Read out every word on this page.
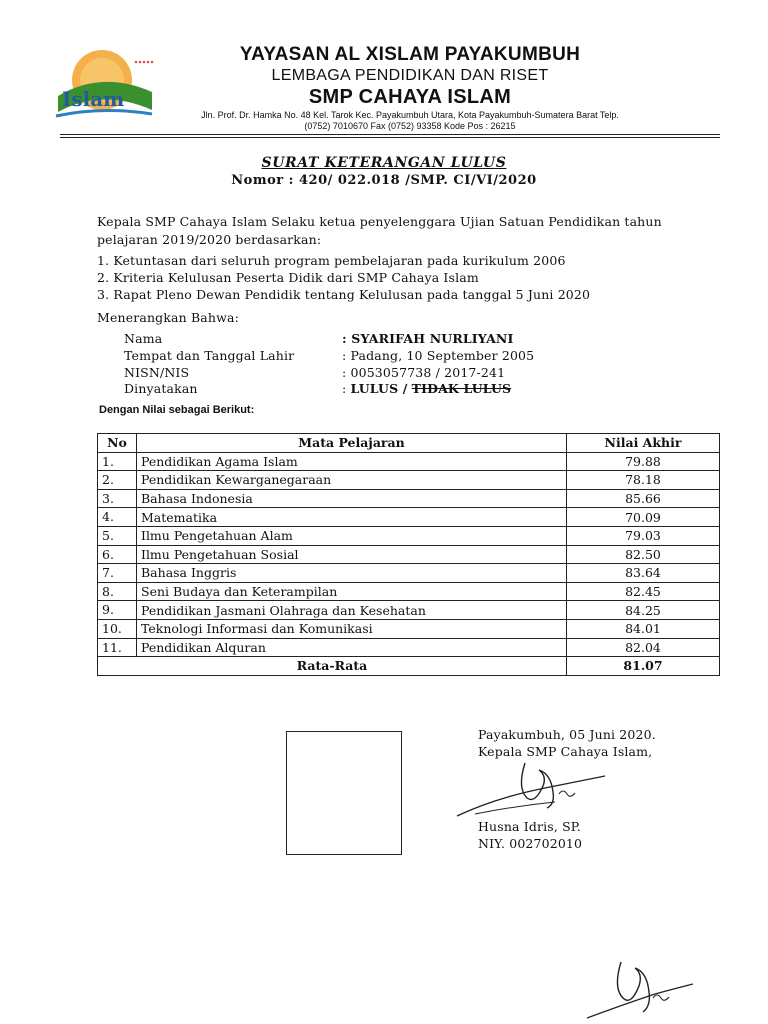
Islam
YAYASAN AL XISLAM PAYAKUMBUH
LEMBAGA PENDIDIKAN DAN RISET
SMP CAHAYA ISLAM
Jln. Prof. Dr. Hamka No. 48 Kel. Tarok Kec. Payakumbuh Utara, Kota Payakumbuh-Sumatera Barat Telp.
(0752) 7010670 Fax (0752) 93358 Kode Pos : 26215
SURAT KETERANGAN LULUS
Nomor : 420/ 022.018 /SMP. CI/VI/2020
Kepala SMP Cahaya Islam Selaku ketua penyelenggara Ujian Satuan Pendidikan tahun
pelajaran 2019/2020 berdasarkan:
1. Ketuntasan dari seluruh program pembelajaran pada kurikulum 2006
2. Kriteria Kelulusan Peserta Didik dari SMP Cahaya Islam
3. Rapat Pleno Dewan Pendidik tentang Kelulusan pada tanggal 5 Juni 2020
Menerangkan Bahwa:
Nama	: SYARIFAH NURLIYANI
Tempat dan Tanggal Lahir	: Padang, 10 September 2005
NISN/NIS	: 0053057738 / 2017-241
Dinyatakan	: LULUS / TIDAK LULUS
Dengan Nilai sebagai Berikut:
No	Mata Pelajaran	Nilai Akhir
1.	Pendidikan Agama Islam	79.88
2.	Pendidikan Kewarganegaraan	78.18
3.	Bahasa Indonesia	85.66
4.	Matematika	70.09
5.	Ilmu Pengetahuan Alam	79.03
6.	Ilmu Pengetahuan Sosial	82.50
7.	Bahasa Inggris	83.64
8.	Seni Budaya dan Keterampilan	82.45
9.	Pendidikan Jasmani Olahraga dan Kesehatan	84.25
10.	Teknologi Informasi dan Komunikasi	84.01
11.	Pendidikan Alquran	82.04
Rata-Rata		81.07
Payakumbuh, 05 Juni 2020.
Kepala SMP Cahaya Islam,
Husna Idris, SP.
NIY. 002702010
